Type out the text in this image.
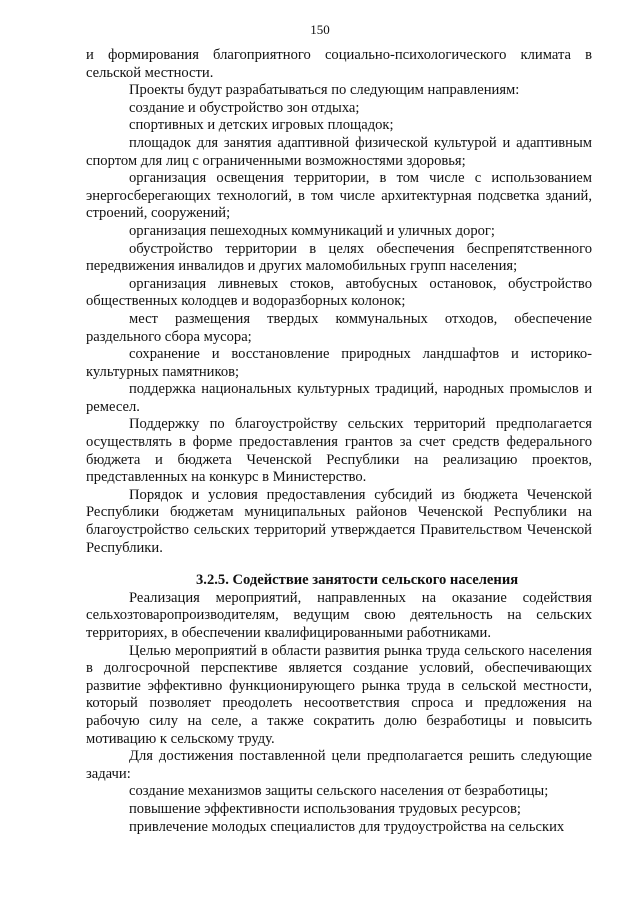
150

и формирования благоприятного социально-психологического климата в сельской местности.

Проекты будут разрабатываться по следующим направлениям:

создание и обустройство зон отдыха;

спортивных и детских игровых площадок;

площадок для занятия адаптивной физической культурой и адаптивным спортом для лиц с ограниченными возможностями здоровья;

организация освещения территории, в том числе с использованием энергосберегающих технологий, в том числе архитектурная подсветка зданий, строений, сооружений;

организация пешеходных коммуникаций и уличных дорог;

обустройство территории в целях обеспечения беспрепятственного передвижения инвалидов и других маломобильных групп населения;

организация ливневых стоков, автобусных остановок, обустройство общественных колодцев и водоразборных колонок;

мест размещения твердых коммунальных отходов, обеспечение раздельного сбора мусора;

сохранение и восстановление природных ландшафтов и историко-культурных памятников;

поддержка национальных культурных традиций, народных промыслов и ремесел.

Поддержку по благоустройству сельских территорий предполагается осуществлять в форме предоставления грантов за счет средств федерального бюджета и бюджета Чеченской Республики на реализацию проектов, представленных на конкурс в Министерство.

Порядок и условия предоставления субсидий из бюджета Чеченской Республики бюджетам муниципальных районов Чеченской Республики на благоустройство сельских территорий утверждается Правительством Чеченской Республики.

3.2.5. Содействие занятости сельского населения

Реализация мероприятий, направленных на оказание содействия сельхозтоваропроизводителям, ведущим свою деятельность на сельских территориях, в обеспечении квалифицированными работниками.

Целью мероприятий в области развития рынка труда сельского населения в долгосрочной перспективе является создание условий, обеспечивающих развитие эффективно функционирующего рынка труда в сельской местности, который позволяет преодолеть несоответствия спроса и предложения на рабочую силу на селе, а также сократить долю безработицы и повысить мотивацию к сельскому труду.

Для достижения поставленной цели предполагается решить следующие задачи:

создание механизмов защиты сельского населения от безработицы;

повышение эффективности использования трудовых ресурсов;

привлечение молодых специалистов для трудоустройства на сельских
